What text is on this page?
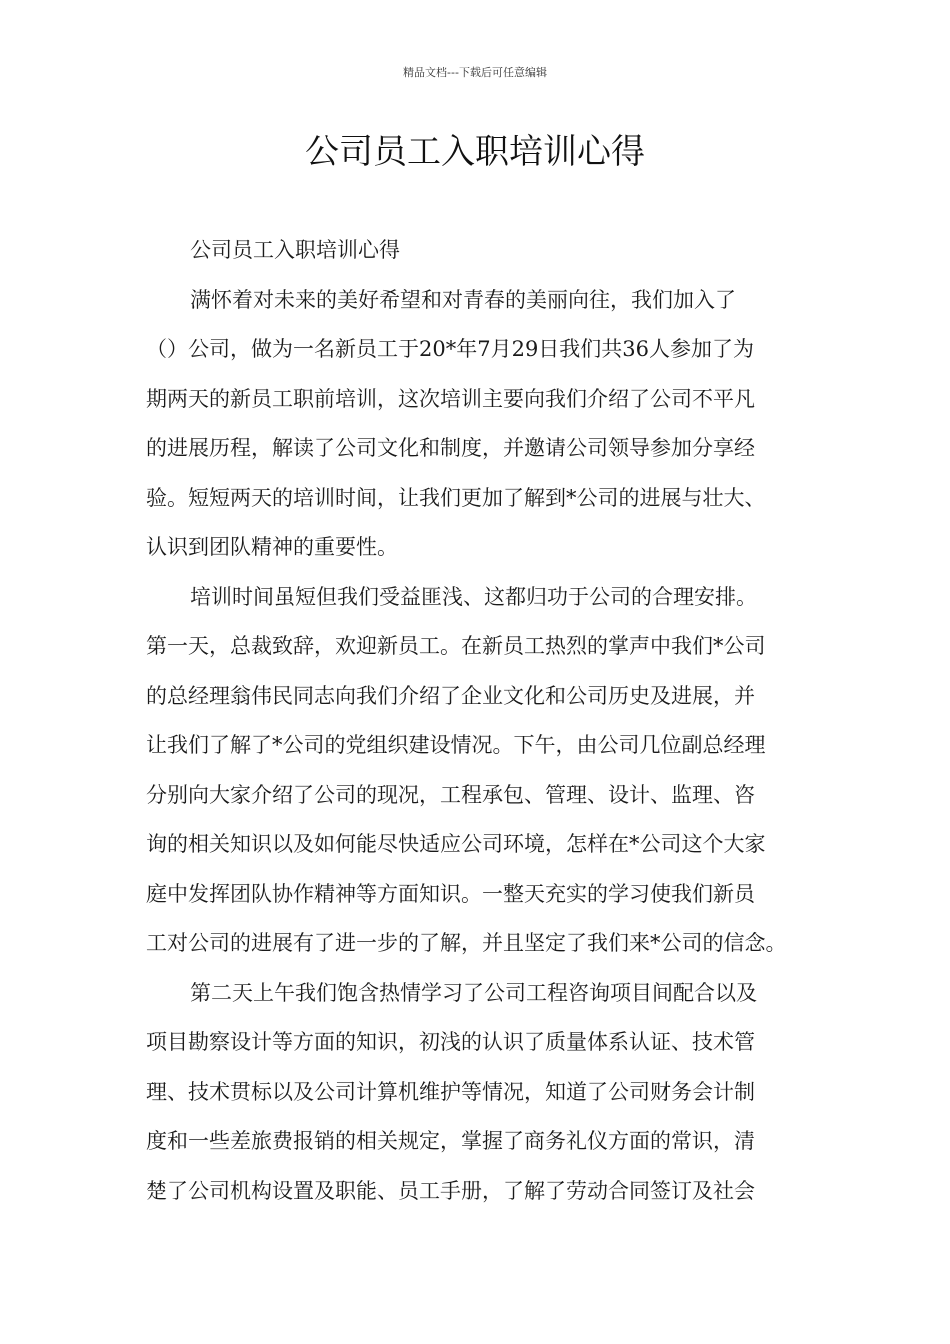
精品文档---下载后可任意编辑
公司员工入职培训心得
公司员工入职培训心得
满怀着对未来的美好希望和对青春的美丽向往，我们加入了
（）公司，做为一名新员工于20*年7月29日我们共36人参加了为
期两天的新员工职前培训，这次培训主要向我们介绍了公司不平凡
的进展历程，解读了公司文化和制度，并邀请公司领导参加分享经
验。短短两天的培训时间，让我们更加了解到*公司的进展与壮大、
认识到团队精神的重要性。
培训时间虽短但我们受益匪浅、这都归功于公司的合理安排。
第一天，总裁致辞，欢迎新员工。在新员工热烈的掌声中我们*公司
的总经理翁伟民同志向我们介绍了企业文化和公司历史及进展，并
让我们了解了*公司的党组织建设情况。下午，由公司几位副总经理
分别向大家介绍了公司的现况，工程承包、管理、设计、监理、咨
询的相关知识以及如何能尽快适应公司环境，怎样在*公司这个大家
庭中发挥团队协作精神等方面知识。一整天充实的学习使我们新员
工对公司的进展有了进一步的了解，并且坚定了我们来*公司的信念。
第二天上午我们饱含热情学习了公司工程咨询项目间配合以及
项目勘察设计等方面的知识，初浅的认识了质量体系认证、技术管
理、技术贯标以及公司计算机维护等情况，知道了公司财务会计制
度和一些差旅费报销的相关规定，掌握了商务礼仪方面的常识，清
楚了公司机构设置及职能、员工手册，了解了劳动合同签订及社会
